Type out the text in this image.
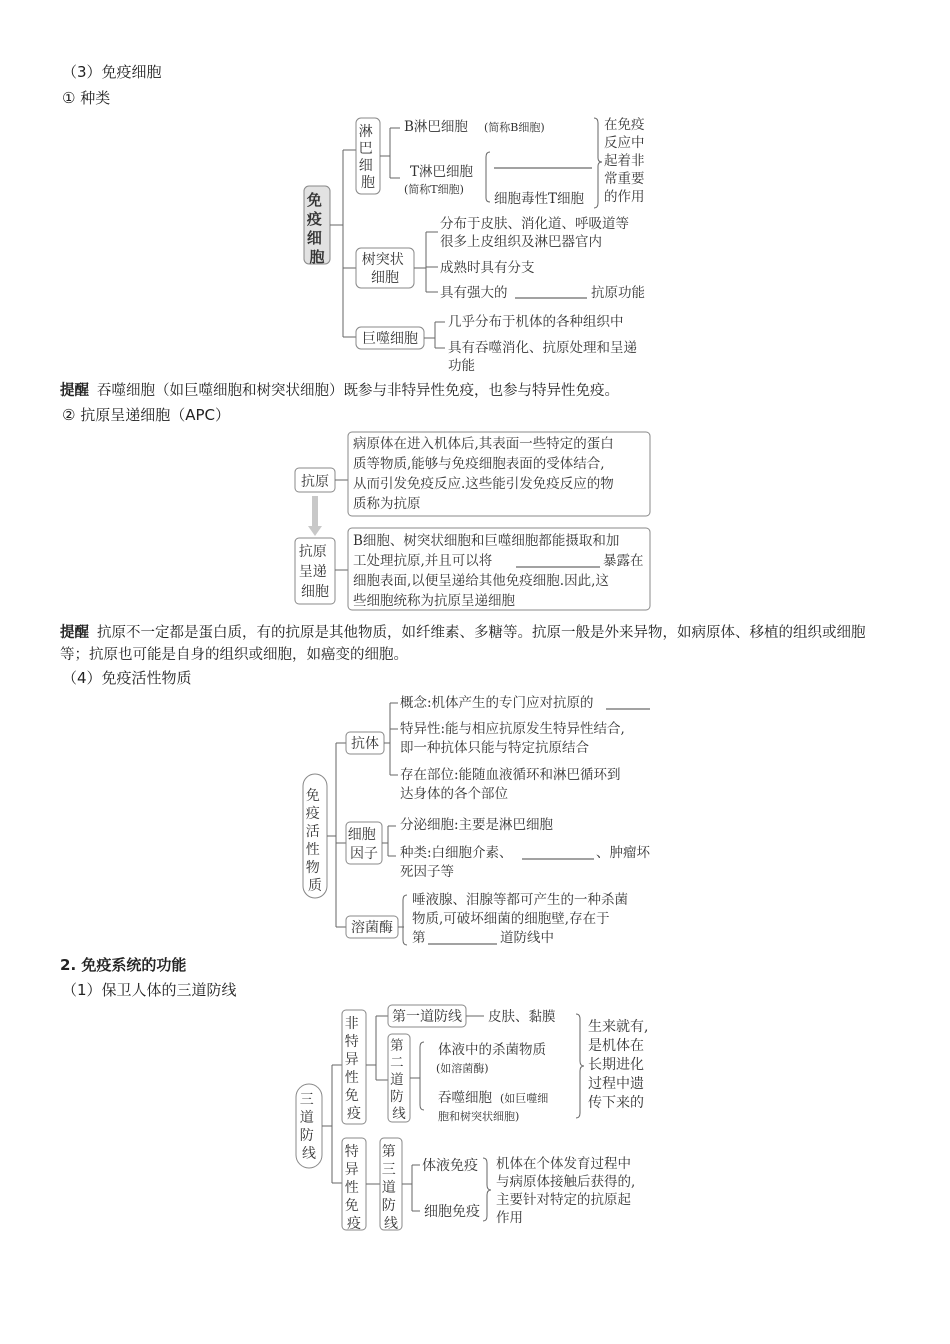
（3）免疫细胞
① 种类
免 疫 细 胞
淋 巴 细 胞
B淋巴细胞 (简称B细胞)
T淋巴细胞
(简称T细胞)
细胞毒性T细胞
在免疫 反应中 起着非 常重要 的作用
树突状 细胞
分布于皮肤、消化道、呼吸道等 很多上皮组织及淋巴器官内
成熟时具有分支
具有强大的	抗原功能
巨噬细胞
几乎分布于机体的各种组织中
具有吞噬消化、抗原处理和呈递 功能
提醒 吞噬细胞（如巨噬细胞和树突状细胞）既参与非特异性免疫，也参与特异性免疫。
② 抗原呈递细胞（APC）
抗原
病原体在进入机体后,其表面一些特定的蛋白 质等物质,能够与免疫细胞表面的受体结合, 从而引发免疫反应.这些能引发免疫反应的物 质称为抗原
抗原 呈递 细胞
B细胞、树突状细胞和巨噬细胞都能摄取和加
工处理抗原,并且可以将	暴露在
细胞表面,以便呈递给其他免疫细胞.因此,这
些细胞统称为抗原呈递细胞
提醒 抗原不一定都是蛋白质，有的抗原是其他物质，如纤维素、多糖等。抗原一般是外来异物，如病原体、移植的组织或细胞等；抗原也可能是自身的组织或细胞，如癌变的细胞。
（4）免疫活性物质
免 疫 活 性 物 质
抗体
概念:机体产生的专门应对抗原的
特异性:能与相应抗原发生特异性结合, 即一种抗体只能与特定抗原结合
存在部位:能随血液循环和淋巴循环到 达身体的各个部位
细胞 因子
分泌细胞:主要是淋巴细胞
种类:白细胞介素、	、肿瘤坏
死因子等
溶菌酶
唾液腺、泪腺等都可产生的一种杀菌
物质,可破坏细菌的细胞壁,存在于
第	道防线中
2. 免疫系统的功能
（1）保卫人体的三道防线
三 道 防 线
非 特 异 性 免 疫
第一道防线 皮肤、黏膜
第 二 道 防 线
体液中的杀菌物质
(如溶菌酶)
吞噬细胞 (如巨噬细
胞和树突状细胞)
生来就有, 是机体在 长期进化 过程中遗 传下来的
特 异 性 免 疫
第 三 道 防 线
体液免疫
细胞免疫
机体在个体发育过程中 与病原体接触后获得的, 主要针对特定的抗原起 作用
